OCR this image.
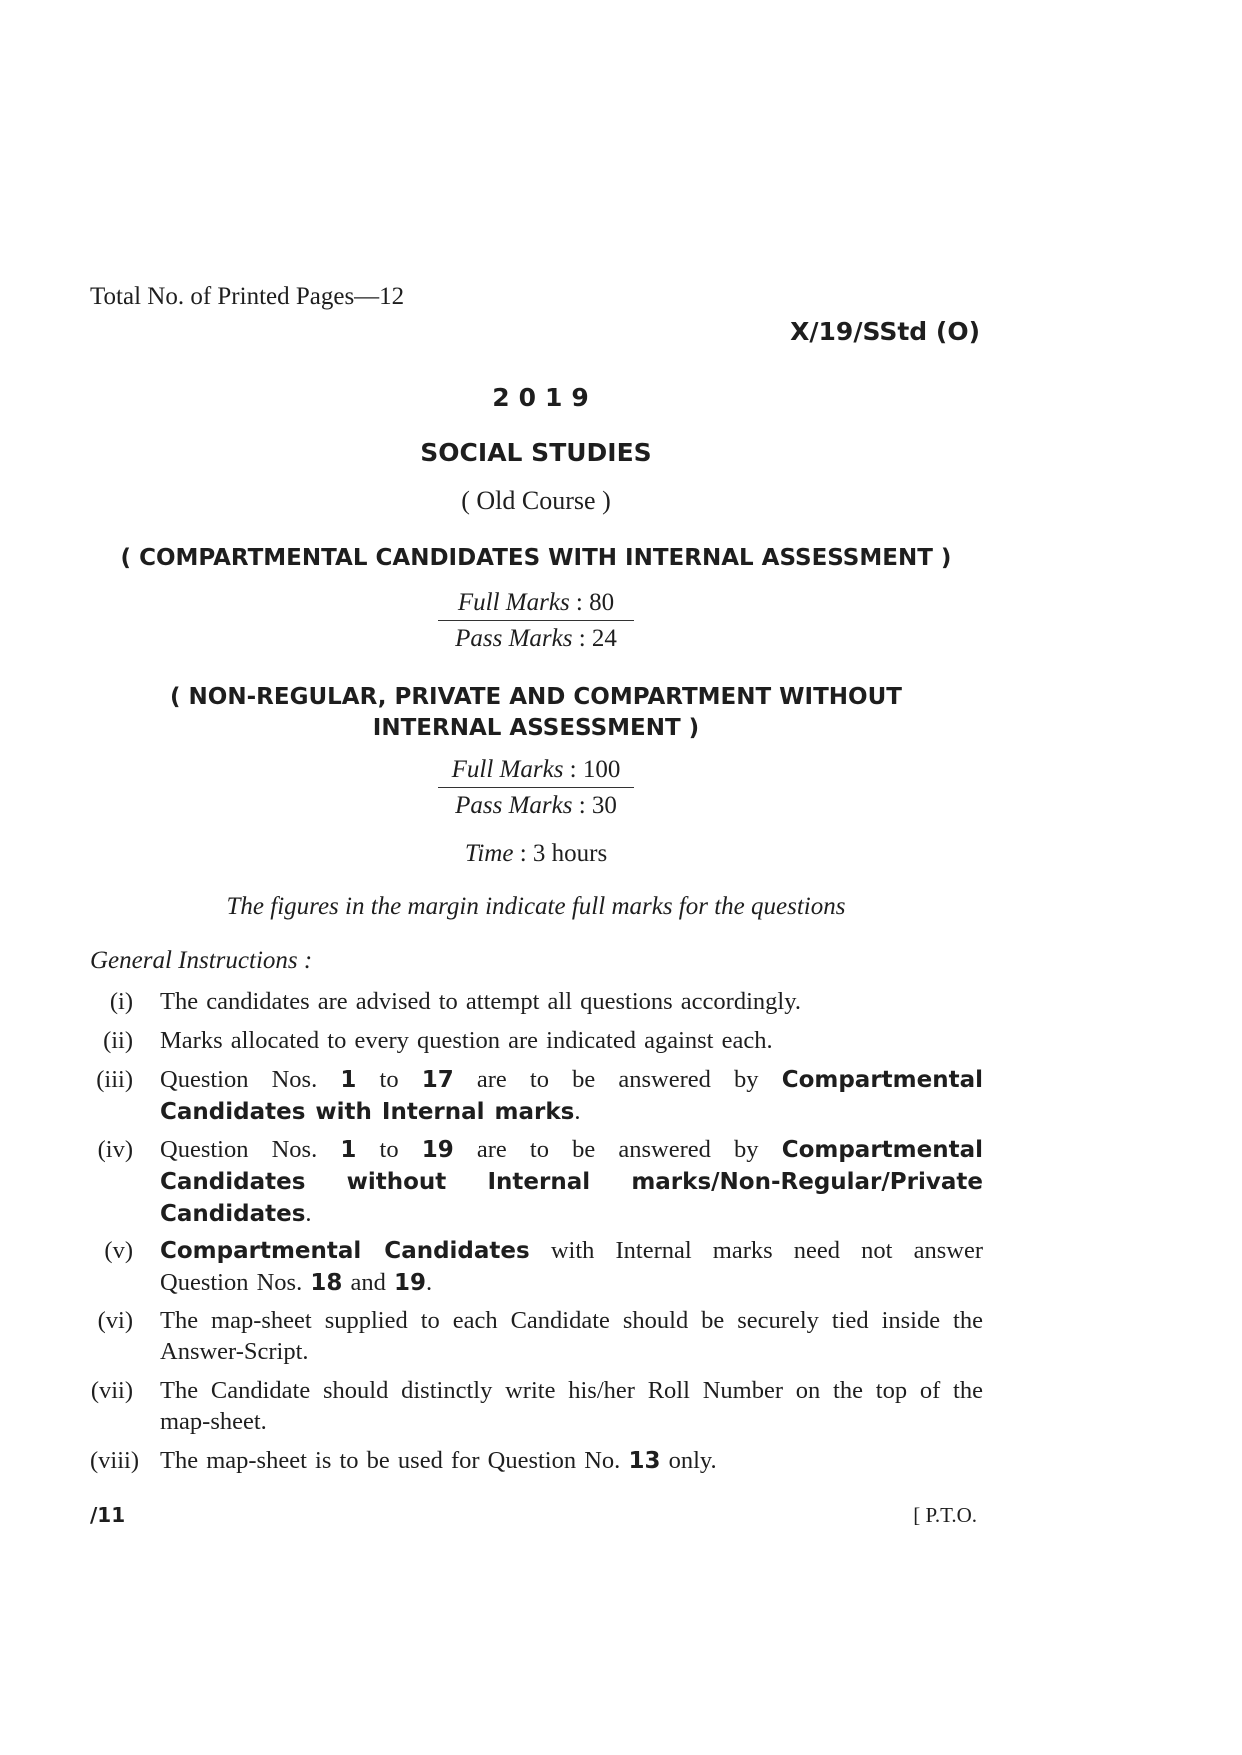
Total No. of Printed Pages—12
X/19/SStd (O)
2019
SOCIAL STUDIES
( Old Course )
( COMPARTMENTAL CANDIDATES WITH INTERNAL ASSESSMENT )
Full Marks : 80
Pass Marks : 24
( NON-REGULAR, PRIVATE AND COMPARTMENT WITHOUT
INTERNAL ASSESSMENT )
Full Marks : 100
Pass Marks : 30
Time : 3 hours
The figures in the margin indicate full marks for the questions
General Instructions :
(i) The candidates are advised to attempt all questions accordingly.
(ii) Marks allocated to every question are indicated against each.
(iii) Question Nos. 1 to 17 are to be answered by Compartmental Candidates with Internal marks.
(iv) Question Nos. 1 to 19 are to be answered by Compartmental Candidates without Internal marks/Non-Regular/Private Candidates.
(v) Compartmental Candidates with Internal marks need not answer Question Nos. 18 and 19.
(vi) The map-sheet supplied to each Candidate should be securely tied inside the Answer-Script.
(vii) The Candidate should distinctly write his/her Roll Number on the top of the map-sheet.
(viii) The map-sheet is to be used for Question No. 13 only.
/11	[ P.T.O.
